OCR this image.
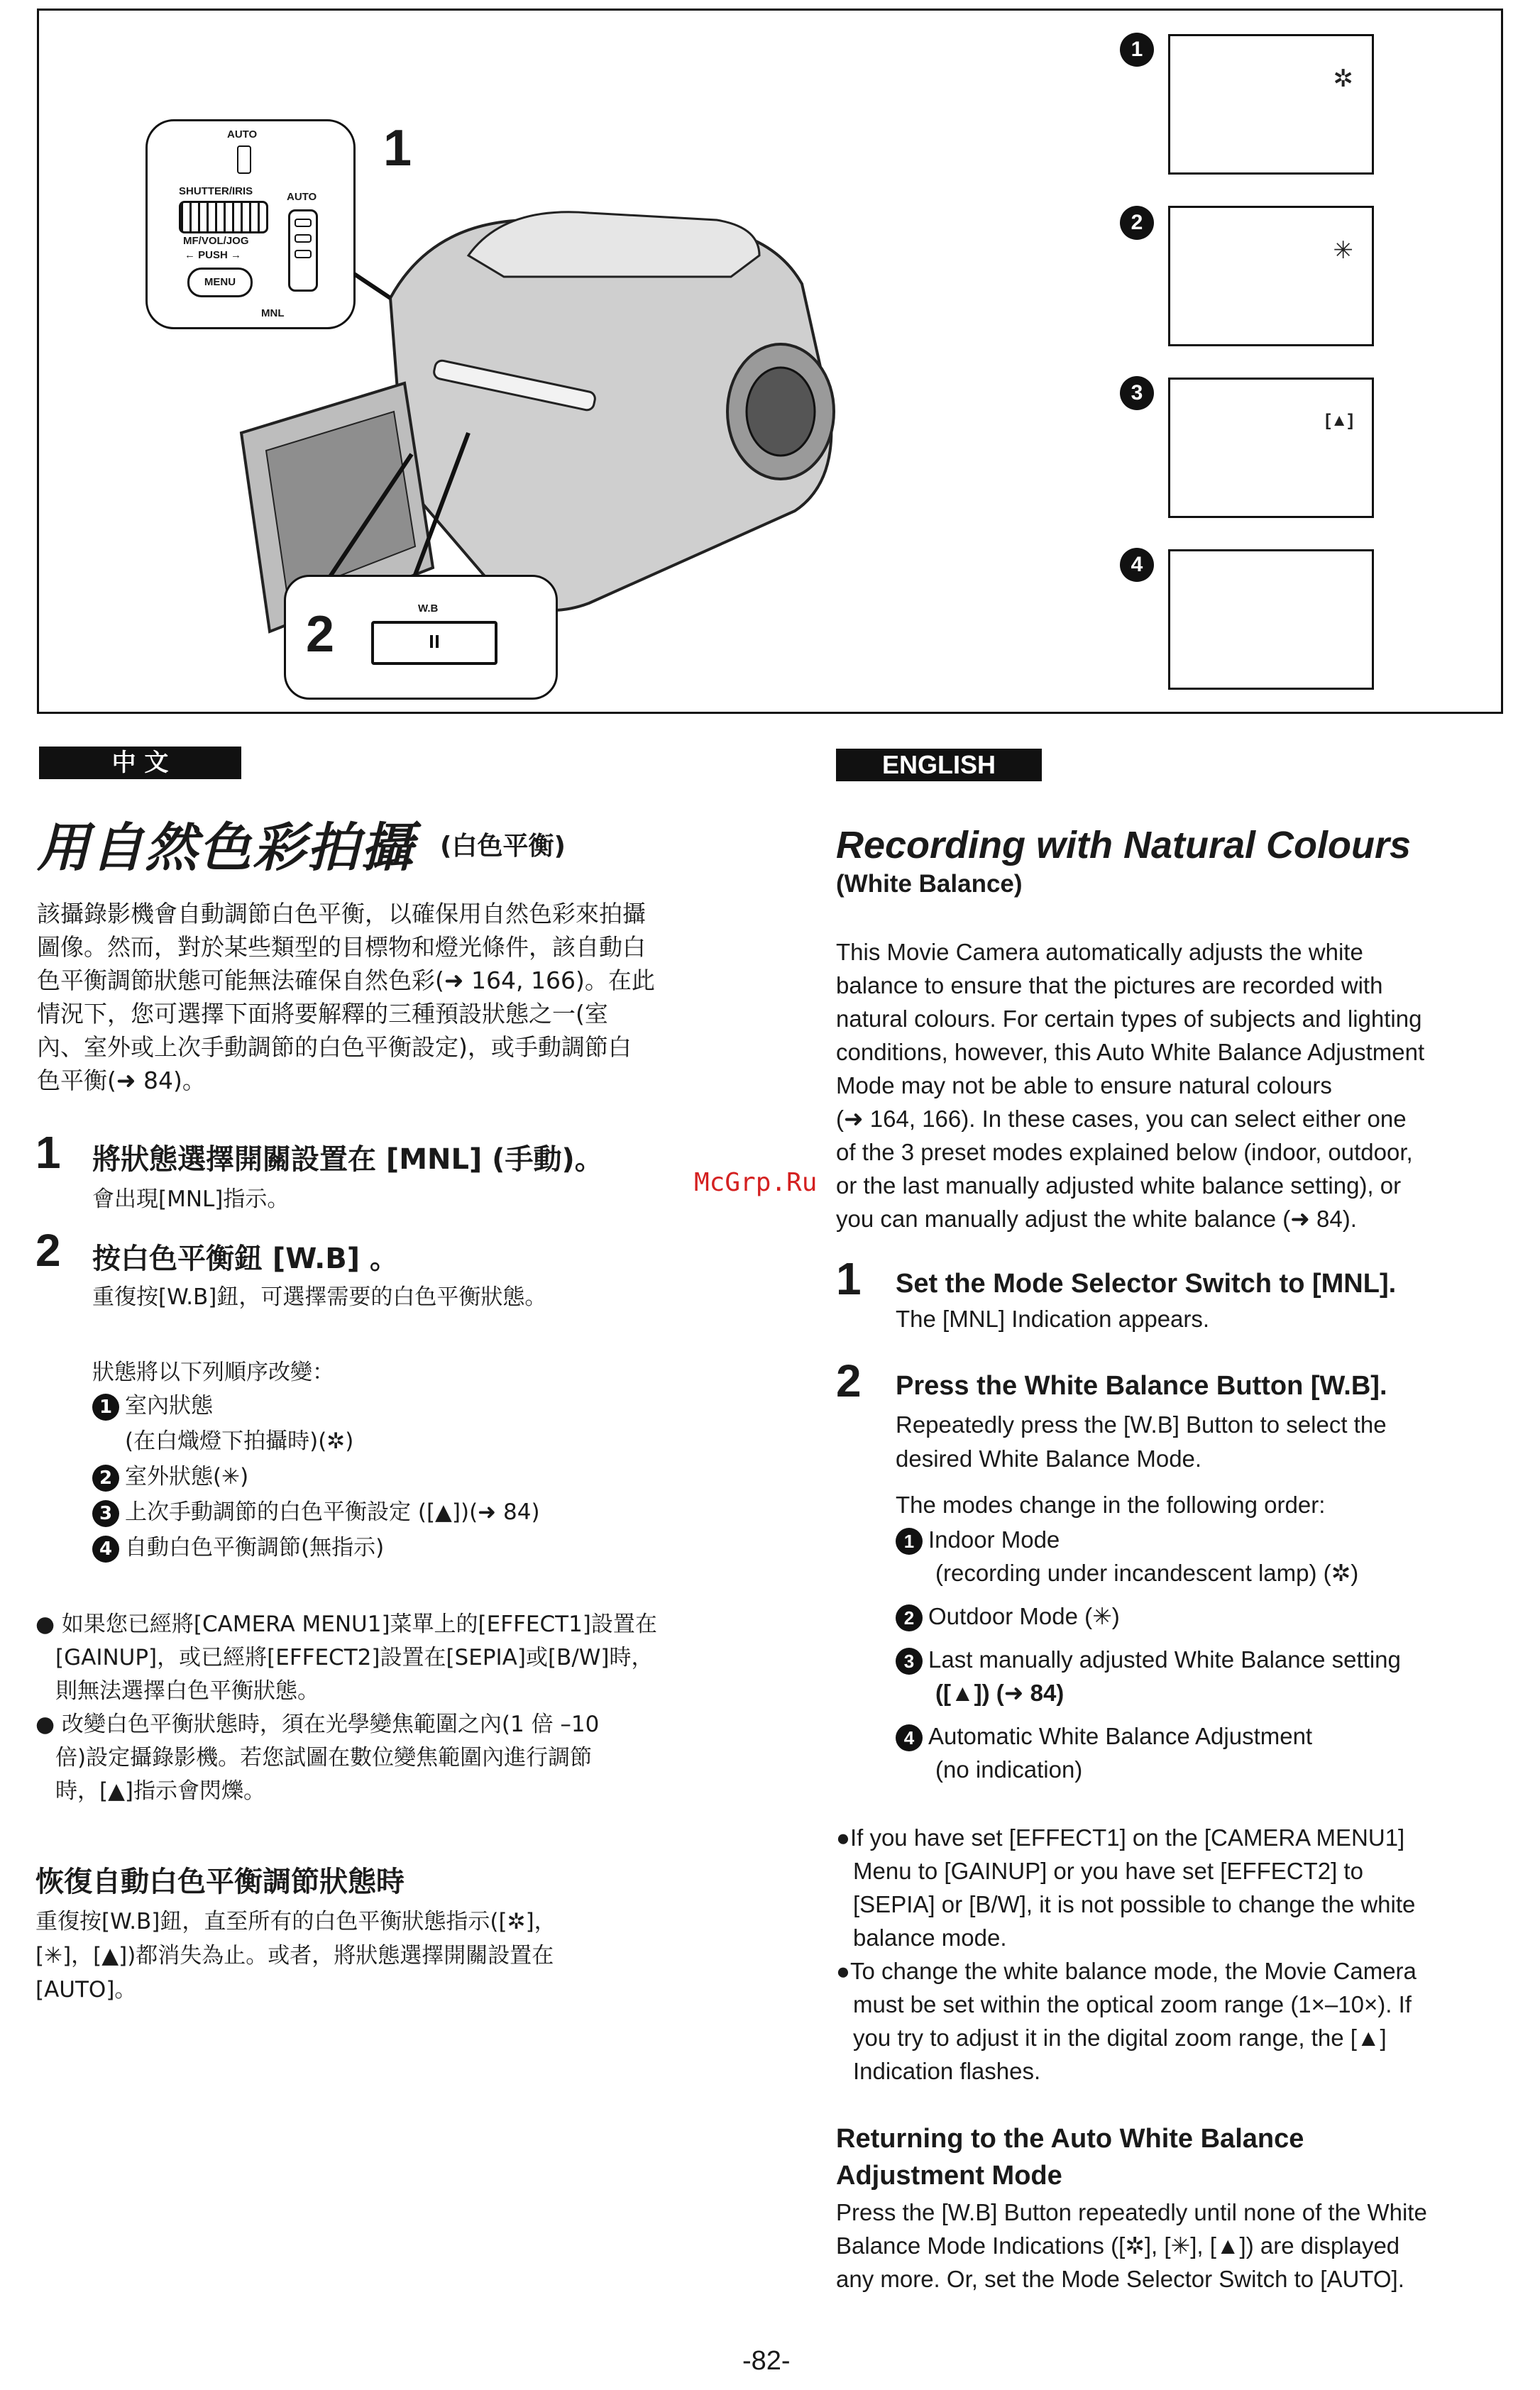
AUTO
SHUTTER/IRIS
MF/VOL/JOG
← PUSH →
MENU
AUTO
MNL
1
2	W.B
1
✲
2
✳
3
[▲]
4
中 文
用自然色彩拍攝 (白色平衡)
該攝錄影機會自動調節白色平衡，以確保用自然色彩來拍攝
圖像。然而，對於某些類型的目標物和燈光條件，該自動白
色平衡調節狀態可能無法確保自然色彩(➜ 164, 166)。在此
情況下，您可選擇下面將要解釋的三種預設狀態之一(室
內、室外或上次手動調節的白色平衡設定)，或手動調節白
色平衡(➜ 84)。
1 將狀態選擇開關設置在 [MNL] (手動)。
會出現[MNL]指示。
2 按白色平衡鈕 [W.B] 。
重復按[W.B]鈕，可選擇需要的白色平衡狀態。
狀態將以下列順序改變：
1 室內狀態
(在白熾燈下拍攝時)(✲)
2 室外狀態(✳)
3 上次手動調節的白色平衡設定 ([▲])(➜ 84)
4 自動白色平衡調節(無指示)
● 如果您已經將[CAMERA MENU1]菜單上的[EFFECT1]設置在
[GAINUP]，或已經將[EFFECT2]設置在[SEPIA]或[B/W]時，
則無法選擇白色平衡狀態。
● 改變白色平衡狀態時，須在光學變焦範圍之內(1 倍 –10
倍)設定攝錄影機。若您試圖在數位變焦範圍內進行調節
時，[▲]指示會閃爍。
恢復自動白色平衡調節狀態時
重復按[W.B]鈕，直至所有的白色平衡狀態指示([✲]，
[✳]，[▲])都消失為止。或者，將狀態選擇開關設置在
[AUTO]。
McGrp.Ru
ENGLISH
Recording with Natural Colours
(White Balance)
This Movie Camera automatically adjusts the white
balance to ensure that the pictures are recorded with
natural colours. For certain types of subjects and lighting
conditions, however, this Auto White Balance Adjustment
Mode may not be able to ensure natural colours
(➜ 164, 166). In these cases, you can select either one
of the 3 preset modes explained below (indoor, outdoor,
or the last manually adjusted white balance setting), or
you can manually adjust the white balance (➜ 84).
1 Set the Mode Selector Switch to [MNL].
The [MNL] Indication appears.
2 Press the White Balance Button [W.B].
Repeatedly press the [W.B] Button to select the
desired White Balance Mode.
The modes change in the following order:
1 Indoor Mode
(recording under incandescent lamp) (✲)
2 Outdoor Mode (✳)
3 Last manually adjusted White Balance setting
([▲]) (➜ 84)
4 Automatic White Balance Adjustment
(no indication)
●If you have set [EFFECT1] on the [CAMERA MENU1]
Menu to [GAINUP] or you have set [EFFECT2] to
[SEPIA] or [B/W], it is not possible to change the white
balance mode.
●To change the white balance mode, the Movie Camera
must be set within the optical zoom range (1×–10×). If
you try to adjust it in the digital zoom range, the [▲]
Indication flashes.
Returning to the Auto White Balance
Adjustment Mode
Press the [W.B] Button repeatedly until none of the White
Balance Mode Indications ([✲], [✳], [▲]) are displayed
any more. Or, set the Mode Selector Switch to [AUTO].
-82-
